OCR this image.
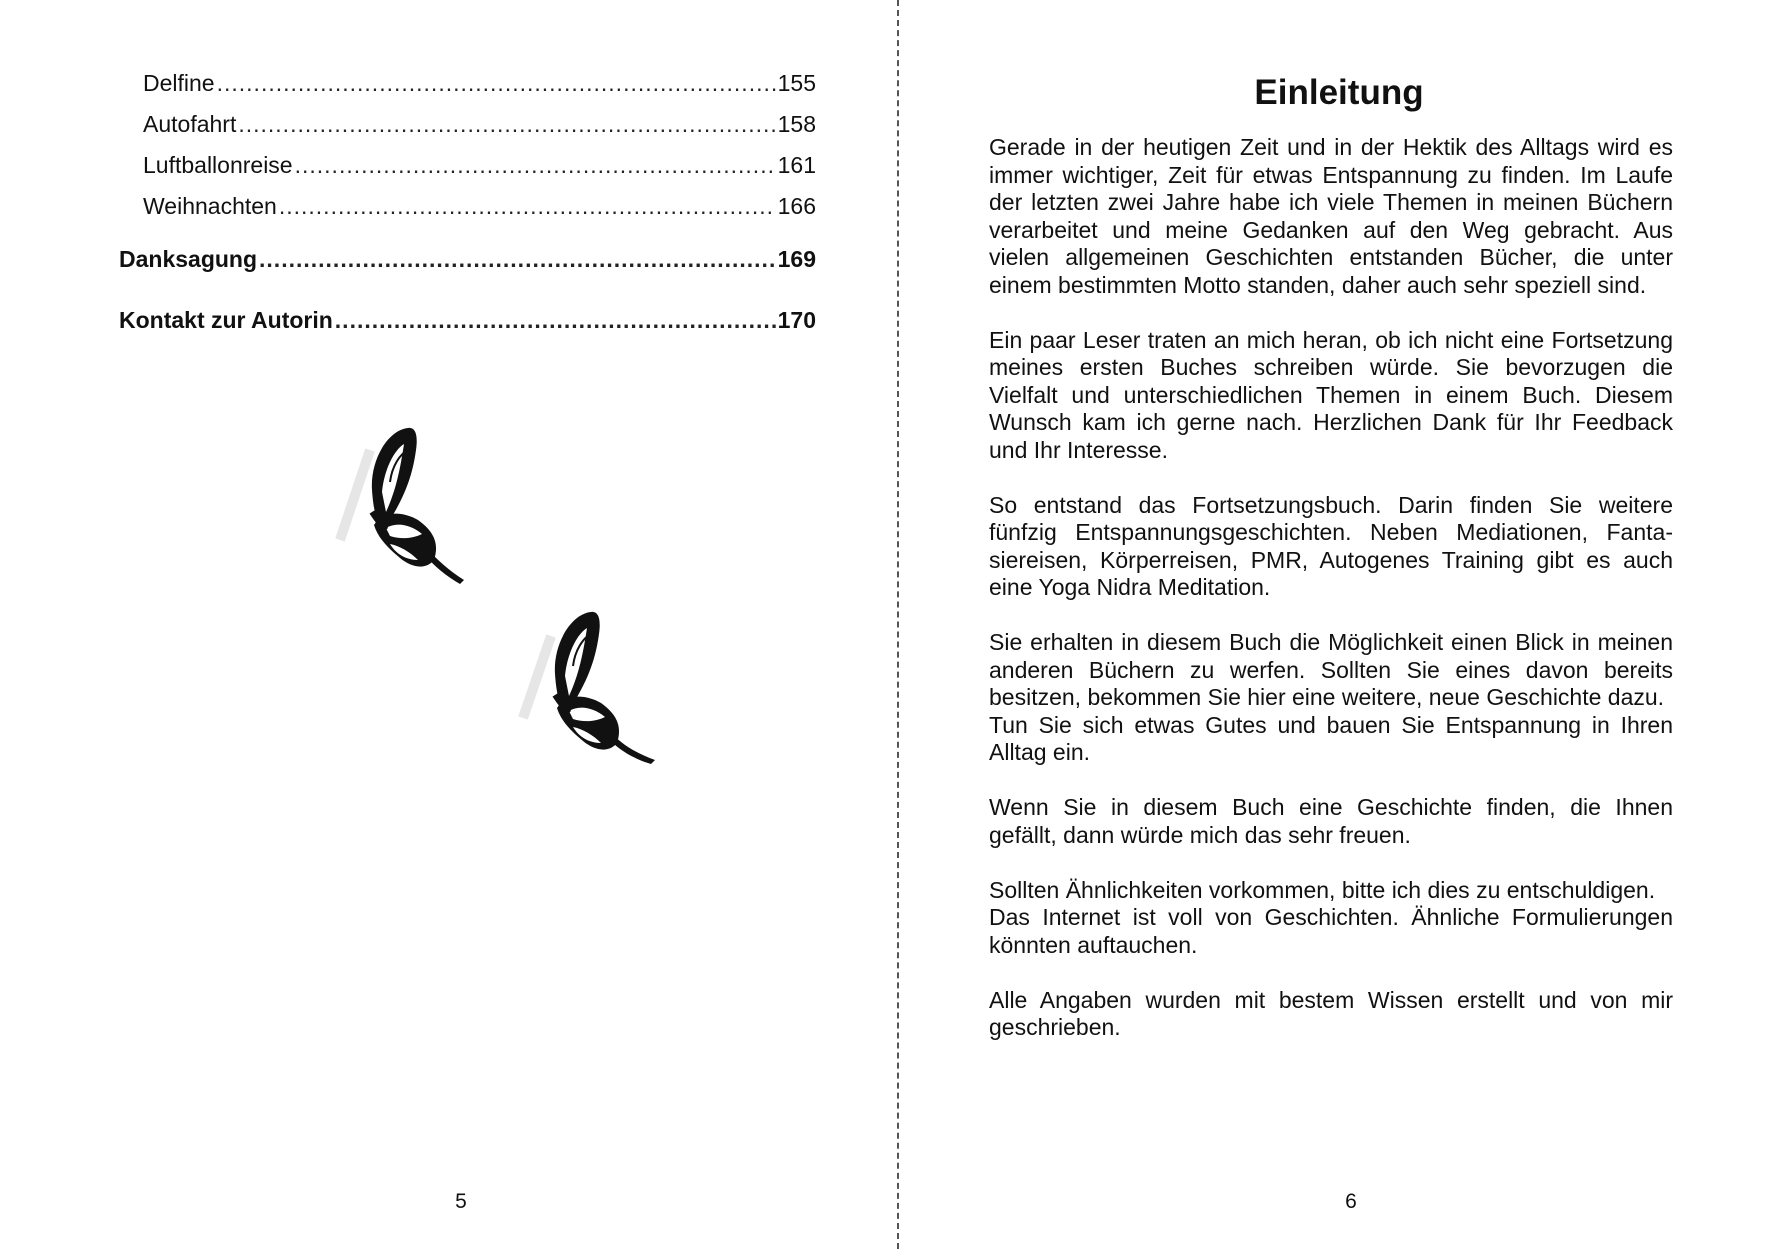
Delfine .....	155
Autofahrt .....	158
Luftballonreise .....	161
Weihnachten .....	166
Danksagung .....	169
Kontakt zur Autorin .....	170
5
Einleitung

Gerade in der heutigen Zeit und in der Hektik des Alltags wird es immer wichtiger, Zeit für etwas Entspannung zu finden. Im Laufe der letzten zwei Jahre habe ich viele Themen in meinen Büchern verarbeitet und meine Gedanken auf den Weg gebracht. Aus vielen allgemeinen Geschichten entstanden Bücher, die unter einem bestimmten Motto standen, daher auch sehr speziell sind.

Ein paar Leser traten an mich heran, ob ich nicht eine Fortsetzung meines ersten Buches schreiben würde. Sie bevorzugen die Vielfalt und unterschiedlichen Themen in einem Buch. Diesem Wunsch kam ich gerne nach. Herzlichen Dank für Ihr Feedback und Ihr Interesse.

So entstand das Fortsetzungsbuch. Darin finden Sie weitere fünfzig Entspannungsgeschichten. Neben Mediationen, Fantasiereisen, Körperreisen, PMR, Autogenes Training gibt es auch eine Yoga Nidra Meditation.

Sie erhalten in diesem Buch die Möglichkeit einen Blick in meinen anderen Büchern zu werfen. Sollten Sie eines davon bereits besitzen, bekommen Sie hier eine weitere, neue Geschichte dazu.

Tun Sie sich etwas Gutes und bauen Sie Entspannung in Ihren Alltag ein.

Wenn Sie in diesem Buch eine Geschichte finden, die Ihnen gefällt, dann würde mich das sehr freuen.

Sollten Ähnlichkeiten vorkommen, bitte ich dies zu entschuldigen.

Das Internet ist voll von Geschichten. Ähnliche Formulierungen könnten auftauchen.

Alle Angaben wurden mit bestem Wissen erstellt und von mir geschrieben.

6
